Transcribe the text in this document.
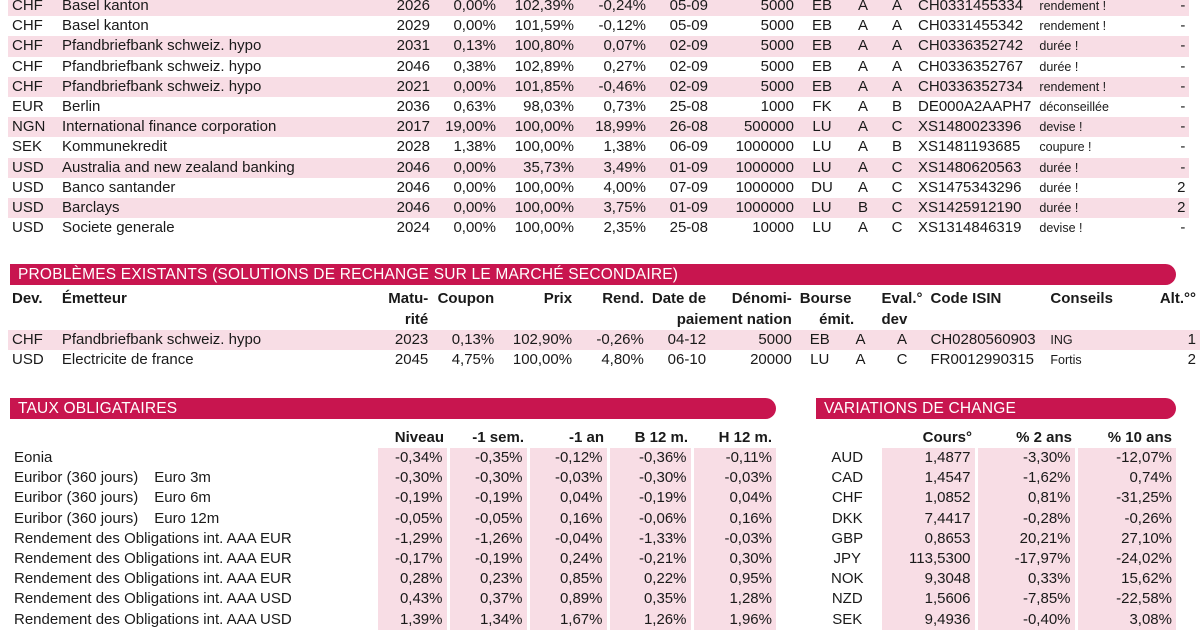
CHF	Basel kanton	2026	0,00%	102,39%	-0,24%	05-09	5000	EB	A	A	CH0331455334	rendement !	-
CHF	Basel kanton	2029	0,00%	101,59%	-0,12%	05-09	5000	EB	A	A	CH0331455342	rendement !	-
CHF	Pfandbriefbank schweiz. hypo	2031	0,13%	100,80%	0,07%	02-09	5000	EB	A	A	CH0336352742	durée !	-
CHF	Pfandbriefbank schweiz. hypo	2046	0,38%	102,89%	0,27%	02-09	5000	EB	A	A	CH0336352767	durée !	-
CHF	Pfandbriefbank schweiz. hypo	2021	0,00%	101,85%	-0,46%	02-09	5000	EB	A	A	CH0336352734	rendement !	-
EUR	Berlin	2036	0,63%	98,03%	0,73%	25-08	1000	FK	A	B	DE000A2AAPH7	déconseillée	-
NGN	International finance corporation	2017	19,00%	100,00%	18,99%	26-08	500000	LU	A	C	XS1480023396	devise !	-
SEK	Kommunekredit	2028	1,38%	100,00%	1,38%	06-09	1000000	LU	A	B	XS1481193685	coupure !	-
USD	Australia and new zealand banking	2046	0,00%	35,73%	3,49%	01-09	1000000	LU	A	C	XS1480620563	durée !	-
USD	Banco santander	2046	0,00%	100,00%	4,00%	07-09	1000000	DU	A	C	XS1475343296	durée !	2
USD	Barclays	2046	0,00%	100,00%	3,75%	01-09	1000000	LU	B	C	XS1425912190	durée !	2
USD	Societe generale	2024	0,00%	100,00%	2,35%	25-08	10000	LU	A	C	XS1314846319	devise !	-
PROBLÈMES EXISTANTS (SOLUTIONS DE RECHANGE SUR LE MARCHÉ SECONDAIRE)
Dev.	Émetteur	Matu-	Coupon	Prix	Rend.	Date de	Dénomi-	Bourse		Eval.°	Code ISIN	Conseils	Alt.°°
		rité				paiement nation		émit.		dev			
CHF	Pfandbriefbank schweiz. hypo	2023	0,13%	102,90%	-0,26%	04-12	5000	EB	A	A	CH0280560903	ING	1
USD	Electricite de france	2045	4,75%	100,00%	4,80%	06-10	20000	LU	A	C	FR0012990315	Fortis	2
TAUX OBLIGATAIRES
	Niveau	-1 sem.	-1 an	B 12 m.	H 12 m.
Eonia	-0,34%	-0,35%	-0,12%	-0,36%	-0,11%
Euribor (360 jours) Euro 3m	-0,30%	-0,30%	-0,03%	-0,30%	-0,03%
Euribor (360 jours) Euro 6m	-0,19%	-0,19%	0,04%	-0,19%	0,04%
Euribor (360 jours) Euro 12m	-0,05%	-0,05%	0,16%	-0,06%	0,16%
Rendement des Obligations int. AAA EUR	-1,29%	-1,26%	-0,04%	-1,33%	-0,03%
Rendement des Obligations int. AAA EUR	-0,17%	-0,19%	0,24%	-0,21%	0,30%
Rendement des Obligations int. AAA EUR	0,28%	0,23%	0,85%	0,22%	0,95%
Rendement des Obligations int. AAA USD	0,43%	0,37%	0,89%	0,35%	1,28%
Rendement des Obligations int. AAA USD	1,39%	1,34%	1,67%	1,26%	1,96%
VARIATIONS DE CHANGE
	Cours°	% 2 ans	% 10 ans
AUD	1,4877	-3,30%	-12,07%
CAD	1,4547	-1,62%	0,74%
CHF	1,0852	0,81%	-31,25%
DKK	7,4417	-0,28%	-0,26%
GBP	0,8653	20,21%	27,10%
JPY	113,5300	-17,97%	-24,02%
NOK	9,3048	0,33%	15,62%
NZD	1,5606	-7,85%	-22,58%
SEK	9,4936	-0,40%	3,08%
